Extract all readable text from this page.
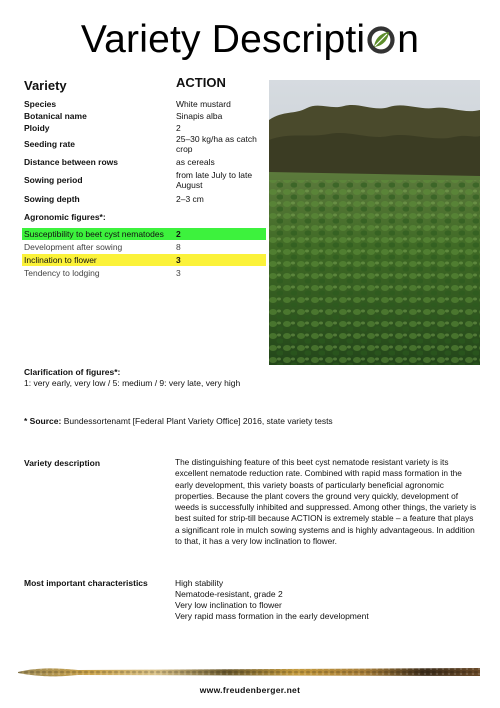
Variety Descripti n
Variety	ACTION
Species	White mustard
Botanical name	Sinapis alba
Ploidy	2
Seeding rate	25–30 kg/ha as catch crop
Distance between rows	as cereals
Sowing period	from late July to late August
Sowing depth	2–3 cm
Agronomic figures*:
Susceptibility to beet cyst nematodes 2
Development after sowing	8
Inclination to flower	3
Tendency to lodging	3
Clarification of figures*:
1: very early, very low / 5: medium / 9: very late, very high
* Source: Bundessortenamt [Federal Plant Variety Office] 2016, state variety tests
Variety description	The distinguishing feature of this beet cyst nematode resistant variety is its excellent nematode reduction rate. Combined with rapid mass formation in the early development, this variety boasts of particularly beneficial agronomic properties. Because the plant covers the ground very quickly, development of weeds is successfully inhibited and suppressed. Among other things, the variety is best suited for strip-till because ACTION is extremely stable – a feature that plays a significant role in mulch sowing systems and is highly advantageous. In addition to that, it has a very low inclination to flower.
Most important characteristics	High stability
Nematode-resistant, grade 2
Very low inclination to flower
Very rapid mass formation in the early development
www.freudenberger.net
